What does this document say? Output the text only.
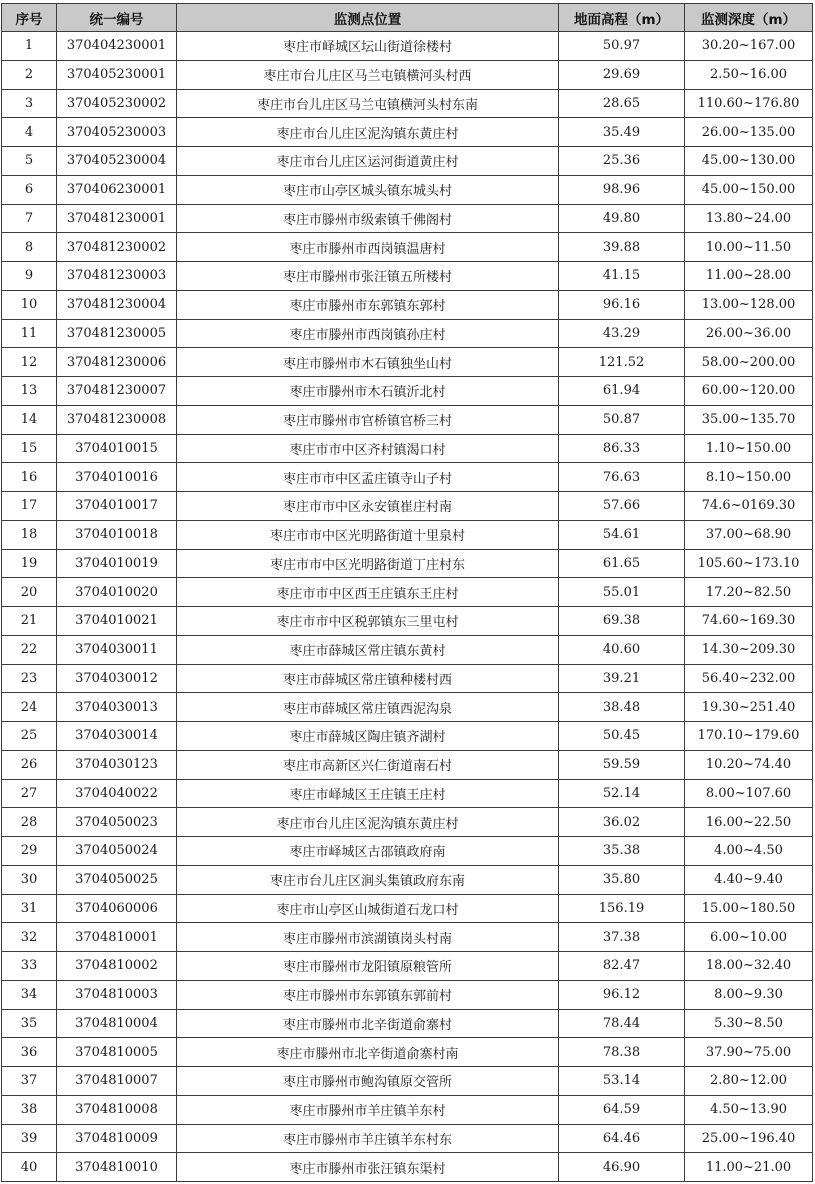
序号	统一编号	监测点位置	地面高程（m）	监测深度（m）
1	370404230001	枣庄市峄城区坛山街道徐楼村	50.97	30.20~167.00
2	370405230001	枣庄市台儿庄区马兰屯镇横河头村西	29.69	2.50~16.00
3	370405230002	枣庄市台儿庄区马兰屯镇横河头村东南	28.65	110.60~176.80
4	370405230003	枣庄市台儿庄区泥沟镇东黄庄村	35.49	26.00~135.00
5	370405230004	枣庄市台儿庄区运河街道黄庄村	25.36	45.00~130.00
6	370406230001	枣庄市山亭区城头镇东城头村	98.96	45.00~150.00
7	370481230001	枣庄市滕州市级索镇千佛阁村	49.80	13.80~24.00
8	370481230002	枣庄市滕州市西岗镇温唐村	39.88	10.00~11.50
9	370481230003	枣庄市滕州市张汪镇五所楼村	41.15	11.00~28.00
10	370481230004	枣庄市滕州市东郭镇东郭村	96.16	13.00~128.00
11	370481230005	枣庄市滕州市西岗镇孙庄村	43.29	26.00~36.00
12	370481230006	枣庄市滕州市木石镇独坐山村	121.52	58.00~200.00
13	370481230007	枣庄市滕州市木石镇沂北村	61.94	60.00~120.00
14	370481230008	枣庄市滕州市官桥镇官桥三村	50.87	35.00~135.70
15	3704010015	枣庄市市中区齐村镇渴口村	86.33	1.10~150.00
16	3704010016	枣庄市市中区孟庄镇寺山子村	76.63	8.10~150.00
17	3704010017	枣庄市市中区永安镇崔庄村南	57.66	74.6~0169.30
18	3704010018	枣庄市市中区光明路街道十里泉村	54.61	37.00~68.90
19	3704010019	枣庄市市中区光明路街道丁庄村东	61.65	105.60~173.10
20	3704010020	枣庄市市中区西王庄镇东王庄村	55.01	17.20~82.50
21	3704010021	枣庄市市中区税郭镇东三里屯村	69.38	74.60~169.30
22	3704030011	枣庄市薛城区常庄镇东黄村	40.60	14.30~209.30
23	3704030012	枣庄市薛城区常庄镇种楼村西	39.21	56.40~232.00
24	3704030013	枣庄市薛城区常庄镇西泥沟泉	38.48	19.30~251.40
25	3704030014	枣庄市薛城区陶庄镇齐湖村	50.45	170.10~179.60
26	3704030123	枣庄市高新区兴仁街道南石村	59.59	10.20~74.40
27	3704040022	枣庄市峄城区王庄镇王庄村	52.14	8.00~107.60
28	3704050023	枣庄市台儿庄区泥沟镇东黄庄村	36.02	16.00~22.50
29	3704050024	枣庄市峄城区古邵镇政府南	35.38	4.00~4.50
30	3704050025	枣庄市台儿庄区涧头集镇政府东南	35.80	4.40~9.40
31	3704060006	枣庄市山亭区山城街道石龙口村	156.19	15.00~180.50
32	3704810001	枣庄市滕州市滨湖镇岗头村南	37.38	6.00~10.00
33	3704810002	枣庄市滕州市龙阳镇原粮管所	82.47	18.00~32.40
34	3704810003	枣庄市滕州市东郭镇东郭前村	96.12	8.00~9.30
35	3704810004	枣庄市滕州市北辛街道俞寨村	78.44	5.30~8.50
36	3704810005	枣庄市滕州市北辛街道俞寨村南	78.38	37.90~75.00
37	3704810007	枣庄市滕州市鲍沟镇原交管所	53.14	2.80~12.00
38	3704810008	枣庄市滕州市羊庄镇羊东村	64.59	4.50~13.90
39	3704810009	枣庄市滕州市羊庄镇羊东村东	64.46	25.00~196.40
40	3704810010	枣庄市滕州市张汪镇东渠村	46.90	11.00~21.00
